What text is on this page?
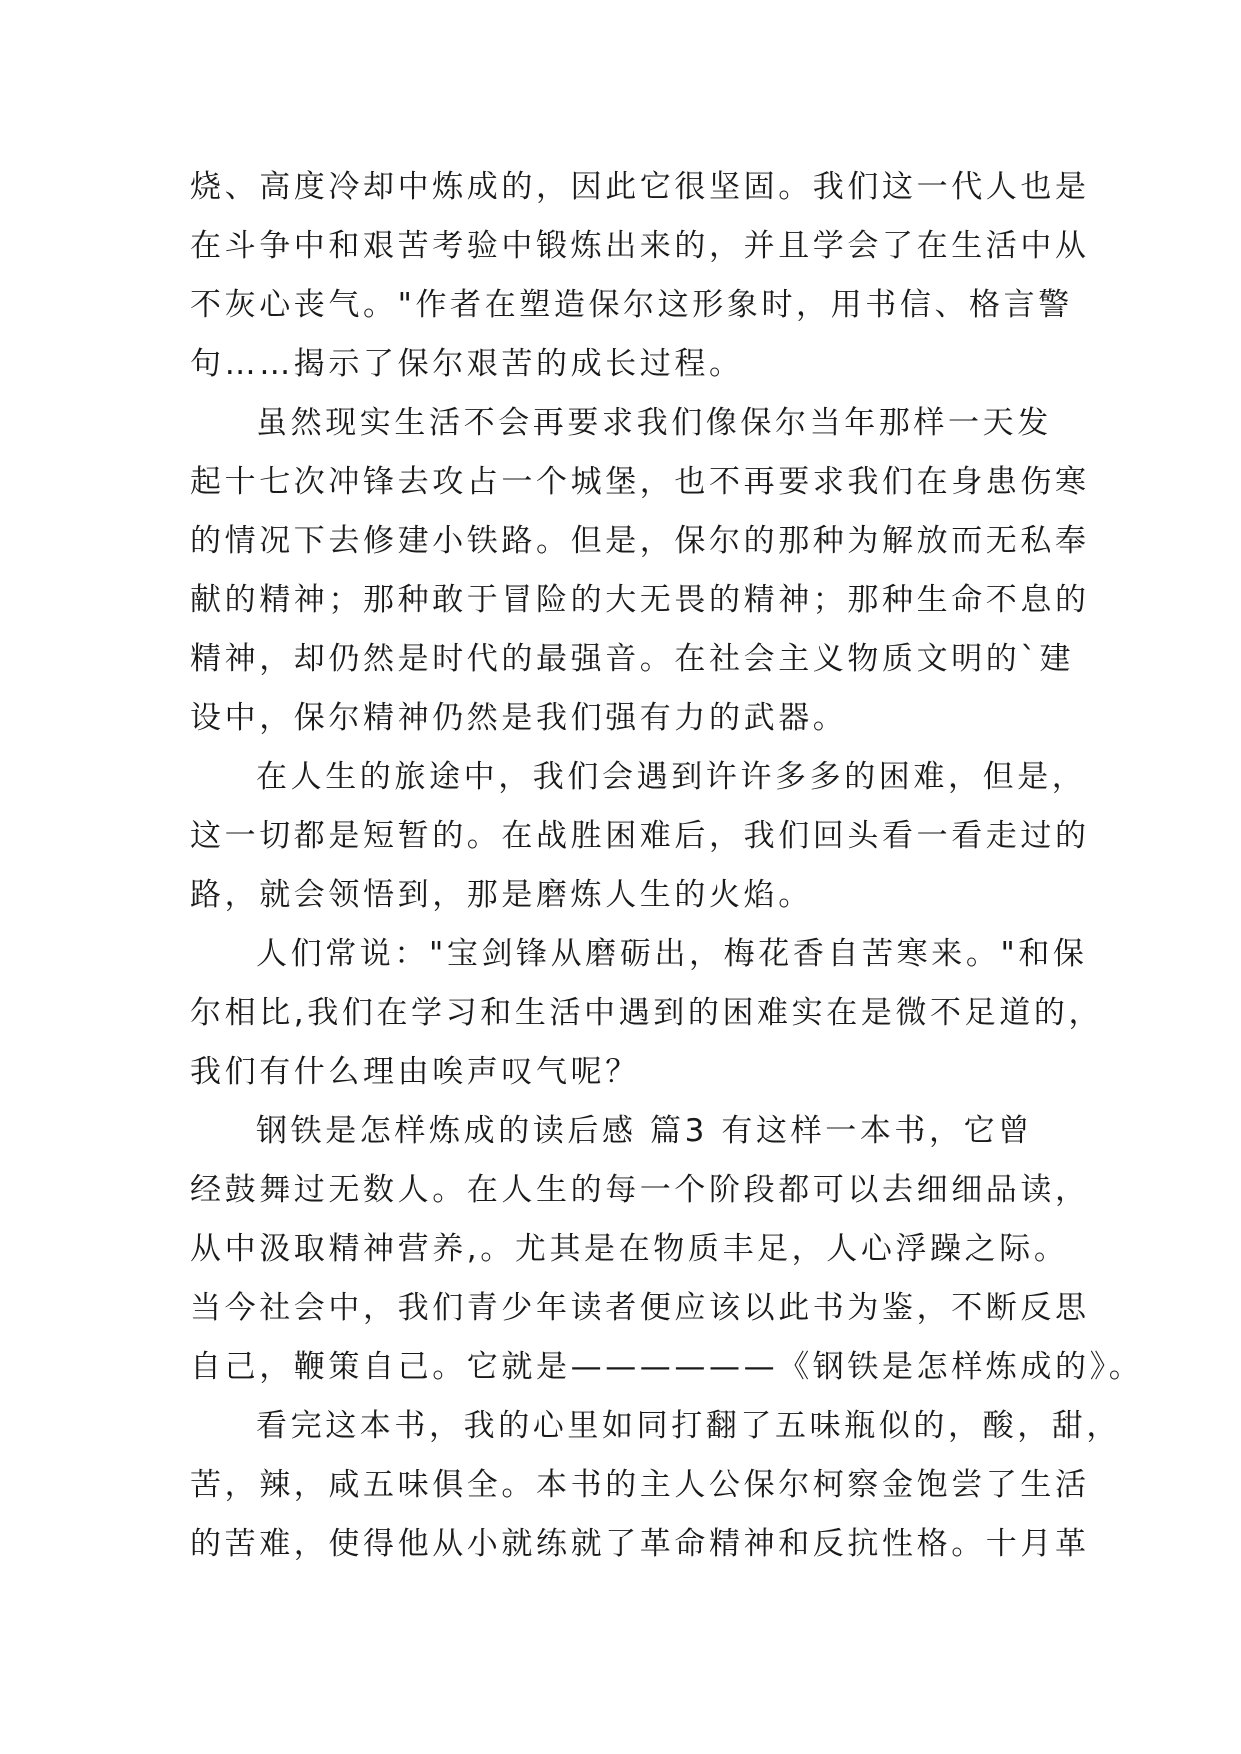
烧、高度冷却中炼成的，因此它很坚固。我们这一代人也是
在斗争中和艰苦考验中锻炼出来的，并且学会了在生活中从
不灰心丧气。"作者在塑造保尔这形象时，用书信、格言警
句……揭示了保尔艰苦的成长过程。
虽然现实生活不会再要求我们像保尔当年那样一天发
起十七次冲锋去攻占一个城堡，也不再要求我们在身患伤寒
的情况下去修建小铁路。但是，保尔的那种为解放而无私奉
献的精神；那种敢于冒险的大无畏的精神；那种生命不息的
精神，却仍然是时代的最强音。在社会主义物质文明的`建
设中，保尔精神仍然是我们强有力的武器。
在人生的旅途中，我们会遇到许许多多的困难，但是，
这一切都是短暂的。在战胜困难后，我们回头看一看走过的
路，就会领悟到，那是磨炼人生的火焰。
人们常说："宝剑锋从磨砺出，梅花香自苦寒来。"和保
尔相比,我们在学习和生活中遇到的困难实在是微不足道的，
我们有什么理由唉声叹气呢？
钢铁是怎样炼成的读后感 篇3 有这样一本书，它曾
经鼓舞过无数人。在人生的每一个阶段都可以去细细品读，
从中汲取精神营养,。尤其是在物质丰足，人心浮躁之际。
当今社会中，我们青少年读者便应该以此书为鉴，不断反思
自己，鞭策自己。它就是——————《钢铁是怎样炼成的》。
看完这本书，我的心里如同打翻了五味瓶似的，酸，甜，
苦，辣，咸五味俱全。本书的主人公保尔柯察金饱尝了生活
的苦难，使得他从小就练就了革命精神和反抗性格。十月革
